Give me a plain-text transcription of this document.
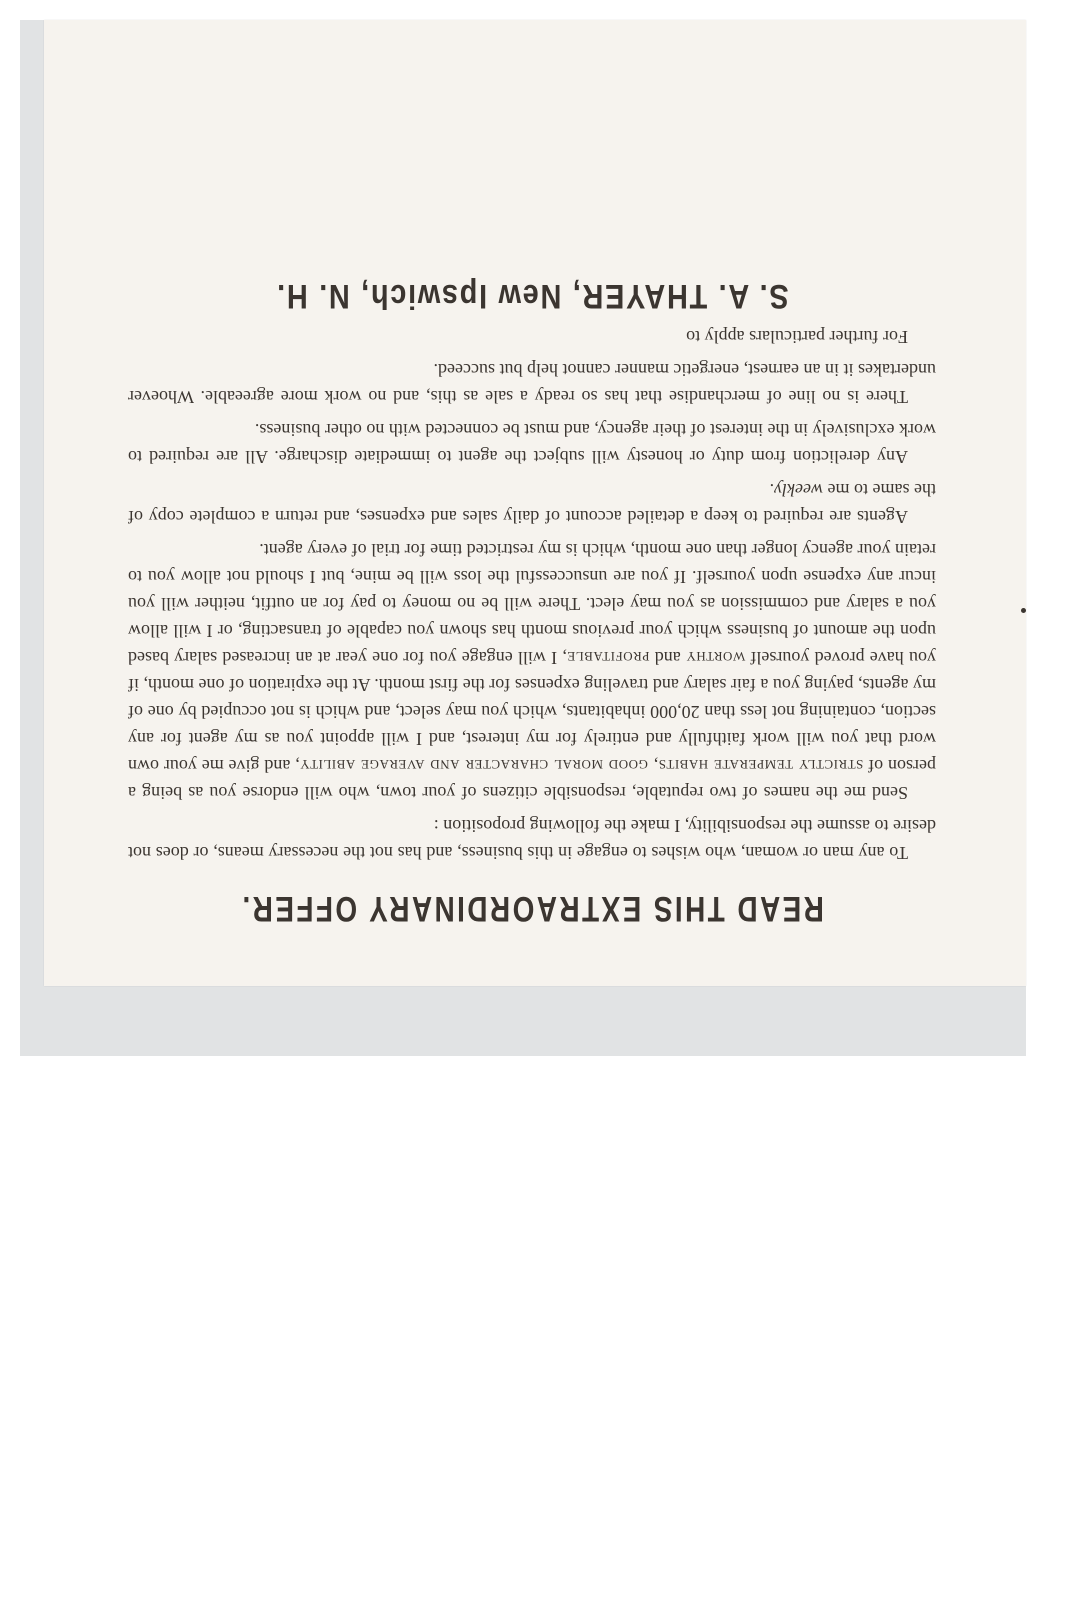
READ THIS EXTRAORDINARY OFFER.

To any man or woman, who wishes to engage in this business, and has not the necessary means, or does not desire to assume the responsibility, I make the following proposition :

Send me the names of two reputable, responsible citizens of your town, who will endorse you as being a person of strictly temperate habits, good moral character and average ability, and give me your own word that you will work faithfully and entirely for my interest, and I will appoint you as my agent for any section, containing not less than 20,000 inhabitants, which you may select, and which is not occupied by one of my agents, paying you a fair salary and traveling expenses for the first month. At the expiration of one month, if you have proved yourself worthy and profitable, I will engage you for one year at an increased salary based upon the amount of business which your previous month has shown you capable of transacting, or I will allow you a salary and commission as you may elect. There will be no money to pay for an outfit, neither will you incur any expense upon yourself. If you are unsuccessful the loss will be mine, but I should not allow you to retain your agency longer than one month, which is my restricted time for trial of every agent.

Agents are required to keep a detailed account of daily sales and expenses, and return a complete copy of the same to me weekly.

Any dereliction from duty or honesty will subject the agent to immediate discharge. All are required to work exclusively in the interest of their agency, and must be connected with no other business.

There is no line of merchandise that has so ready a sale as this, and no work more agreeable. Whoever undertakes it in an earnest, energetic manner cannot help but succeed.

For further particulars apply to

S. A. THAYER, New Ipswich, N. H.
